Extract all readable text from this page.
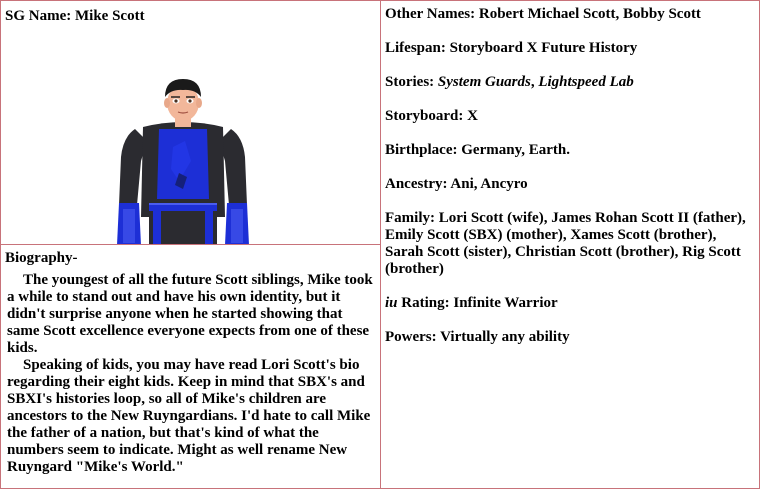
SG Name: Mike Scott
Biography-

The youngest of all the future Scott siblings, Mike took a while to stand out and have his own identity, but it didn't surprise anyone when he started showing that same Scott excellence everyone expects from one of these kids.

Speaking of kids, you may have read Lori Scott's bio regarding their eight kids. Keep in mind that SBX's and SBXI's histories loop, so all of Mike's children are ancestors to the New Ruyngardians. I'd hate to call Mike the father of a nation, but that's kind of what the numbers seem to indicate. Might as well rename New Ruyngard "Mike's World."

Other Names: Robert Michael Scott, Bobby Scott

Lifespan: Storyboard X Future History

Stories: System Guards, Lightspeed Lab

Storyboard: X

Birthplace: Germany, Earth.

Ancestry: Ani, Ancyro

Family: Lori Scott (wife), James Rohan Scott II (father), Emily Scott (SBX) (mother), Xames Scott (brother), Sarah Scott (sister), Christian Scott (brother), Rig Scott (brother)

iu Rating: Infinite Warrior

Powers: Virtually any ability
